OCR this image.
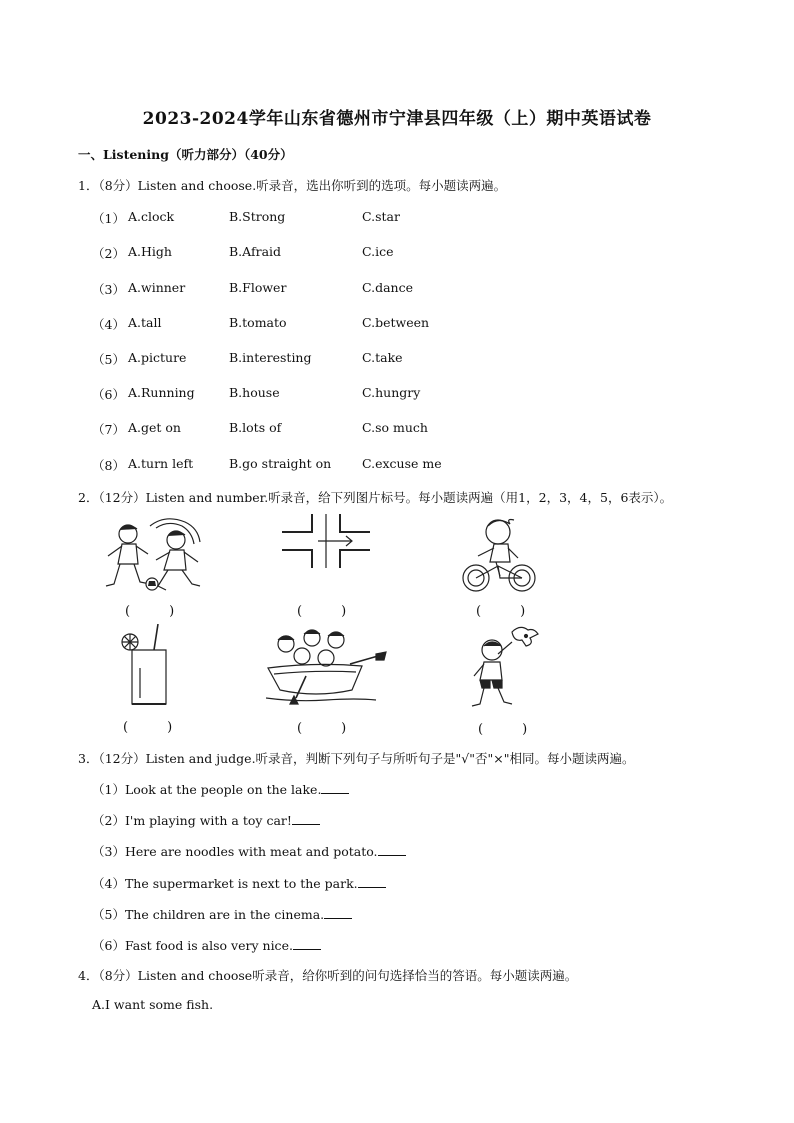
2023-2024学年山东省德州市宁津县四年级（上）期中英语试卷
一、Listening（听力部分）（40分）
1．（8分）Listen and choose.听录音，选出你听到的选项。每小题读两遍。
（1） A.clock	B.Strong	C.star
（2） A.High	B.Afraid	C.ice
（3） A.winner	B.Flower	C.dance
（4） A.tall	B.tomato	C.between
（5） A.picture	B.interesting	C.take
（6） A.Running	B.house	C.hungry
（7） A.get on	B.lots of	C.so much
（8） A.turn left	B.go straight on C.excuse me
2．（12分）Listen and number.听录音，给下列图片标号。每小题读两遍（用1，2，3，4，5，6表示）。
(　　　)	(　　　)	(　　　)
(　　　)	(　　　)	(　　　)
3．（12分）Listen and judge.听录音，判断下列句子与所听句子是"√"否"×"相同。每小题读两遍。
（1）Look at the people on the lake.
（2）I'm playing with a toy car!
（3）Here are noodles with meat and potato.
（4）The supermarket is next to the park.
（5）The children are in the cinema.
（6）Fast food is also very nice.
4．（8分）Listen and choose听录音，给你听到的问句选择恰当的答语。每小题读两遍。
A.I want some fish.
